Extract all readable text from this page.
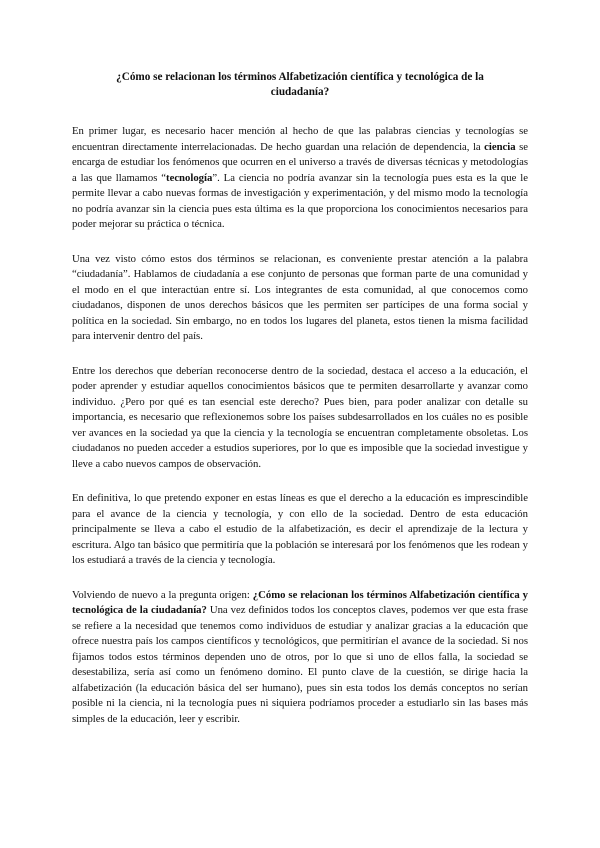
¿Cómo se relacionan los términos Alfabetización científica y tecnológica de la ciudadanía?

En primer lugar, es necesario hacer mención al hecho de que las palabras ciencias y tecnologías se encuentran directamente interrelacionadas. De hecho guardan una relación de dependencia, la ciencia se encarga de estudiar los fenómenos que ocurren en el universo a través de diversas técnicas y metodologías a las que llamamos “tecnología”. La ciencia no podría avanzar sin la tecnología pues esta es la que le permite llevar a cabo nuevas formas de investigación y experimentación, y del mismo modo la tecnología no podría avanzar sin la ciencia pues esta última es la que proporciona los conocimientos necesarios para poder mejorar su práctica o técnica.

Una vez visto cómo estos dos términos se relacionan, es conveniente prestar atención a la palabra “ciudadanía”. Hablamos de ciudadanía a ese conjunto de personas que forman parte de una comunidad y el modo en el que interactúan entre sí. Los integrantes de esta comunidad, al que conocemos como ciudadanos, disponen de unos derechos básicos que les permiten ser partícipes de una forma social y política en la sociedad. Sin embargo, no en todos los lugares del planeta, estos tienen la misma facilidad para intervenir dentro del país.

Entre los derechos que deberían reconocerse dentro de la sociedad, destaca el acceso a la educación, el poder aprender y estudiar aquellos conocimientos básicos que te permiten desarrollarte y avanzar como individuo. ¿Pero por qué es tan esencial este derecho? Pues bien, para poder analizar con detalle su importancia, es necesario que reflexionemos sobre los países subdesarrollados en los cuáles no es posible ver avances en la sociedad ya que la ciencia y la tecnología se encuentran completamente obsoletas. Los ciudadanos no pueden acceder a estudios superiores, por lo que es imposible que la sociedad investigue y lleve a cabo nuevos campos de observación.

En definitiva, lo que pretendo exponer en estas líneas es que el derecho a la educación es imprescindible para el avance de la ciencia y tecnología, y con ello de la sociedad. Dentro de esta educación principalmente se lleva a cabo el estudio de la alfabetización, es decir el aprendizaje de la lectura y escritura. Algo tan básico que permitiría que la población se interesará por los fenómenos que les rodean y los estudiará a través de la ciencia y tecnología.

Volviendo de nuevo a la pregunta origen: ¿Cómo se relacionan los términos Alfabetización científica y tecnológica de la ciudadanía? Una vez definidos todos los conceptos claves, podemos ver que esta frase se refiere a la necesidad que tenemos como individuos de estudiar y analizar gracias a la educación que ofrece nuestra país los campos científicos y tecnológicos, que permitirían el avance de la sociedad. Si nos fijamos todos estos términos dependen uno de otros, por lo que si uno de ellos falla, la sociedad se desestabiliza, sería así como un fenómeno domino. El punto clave de la cuestión, se dirige hacia la alfabetización (la educación básica del ser humano), pues sin esta todos los demás conceptos no serían posible ni la ciencia, ni la tecnología pues ni siquiera podríamos proceder a estudiarlo sin las bases más simples de la educación, leer y escribir.
